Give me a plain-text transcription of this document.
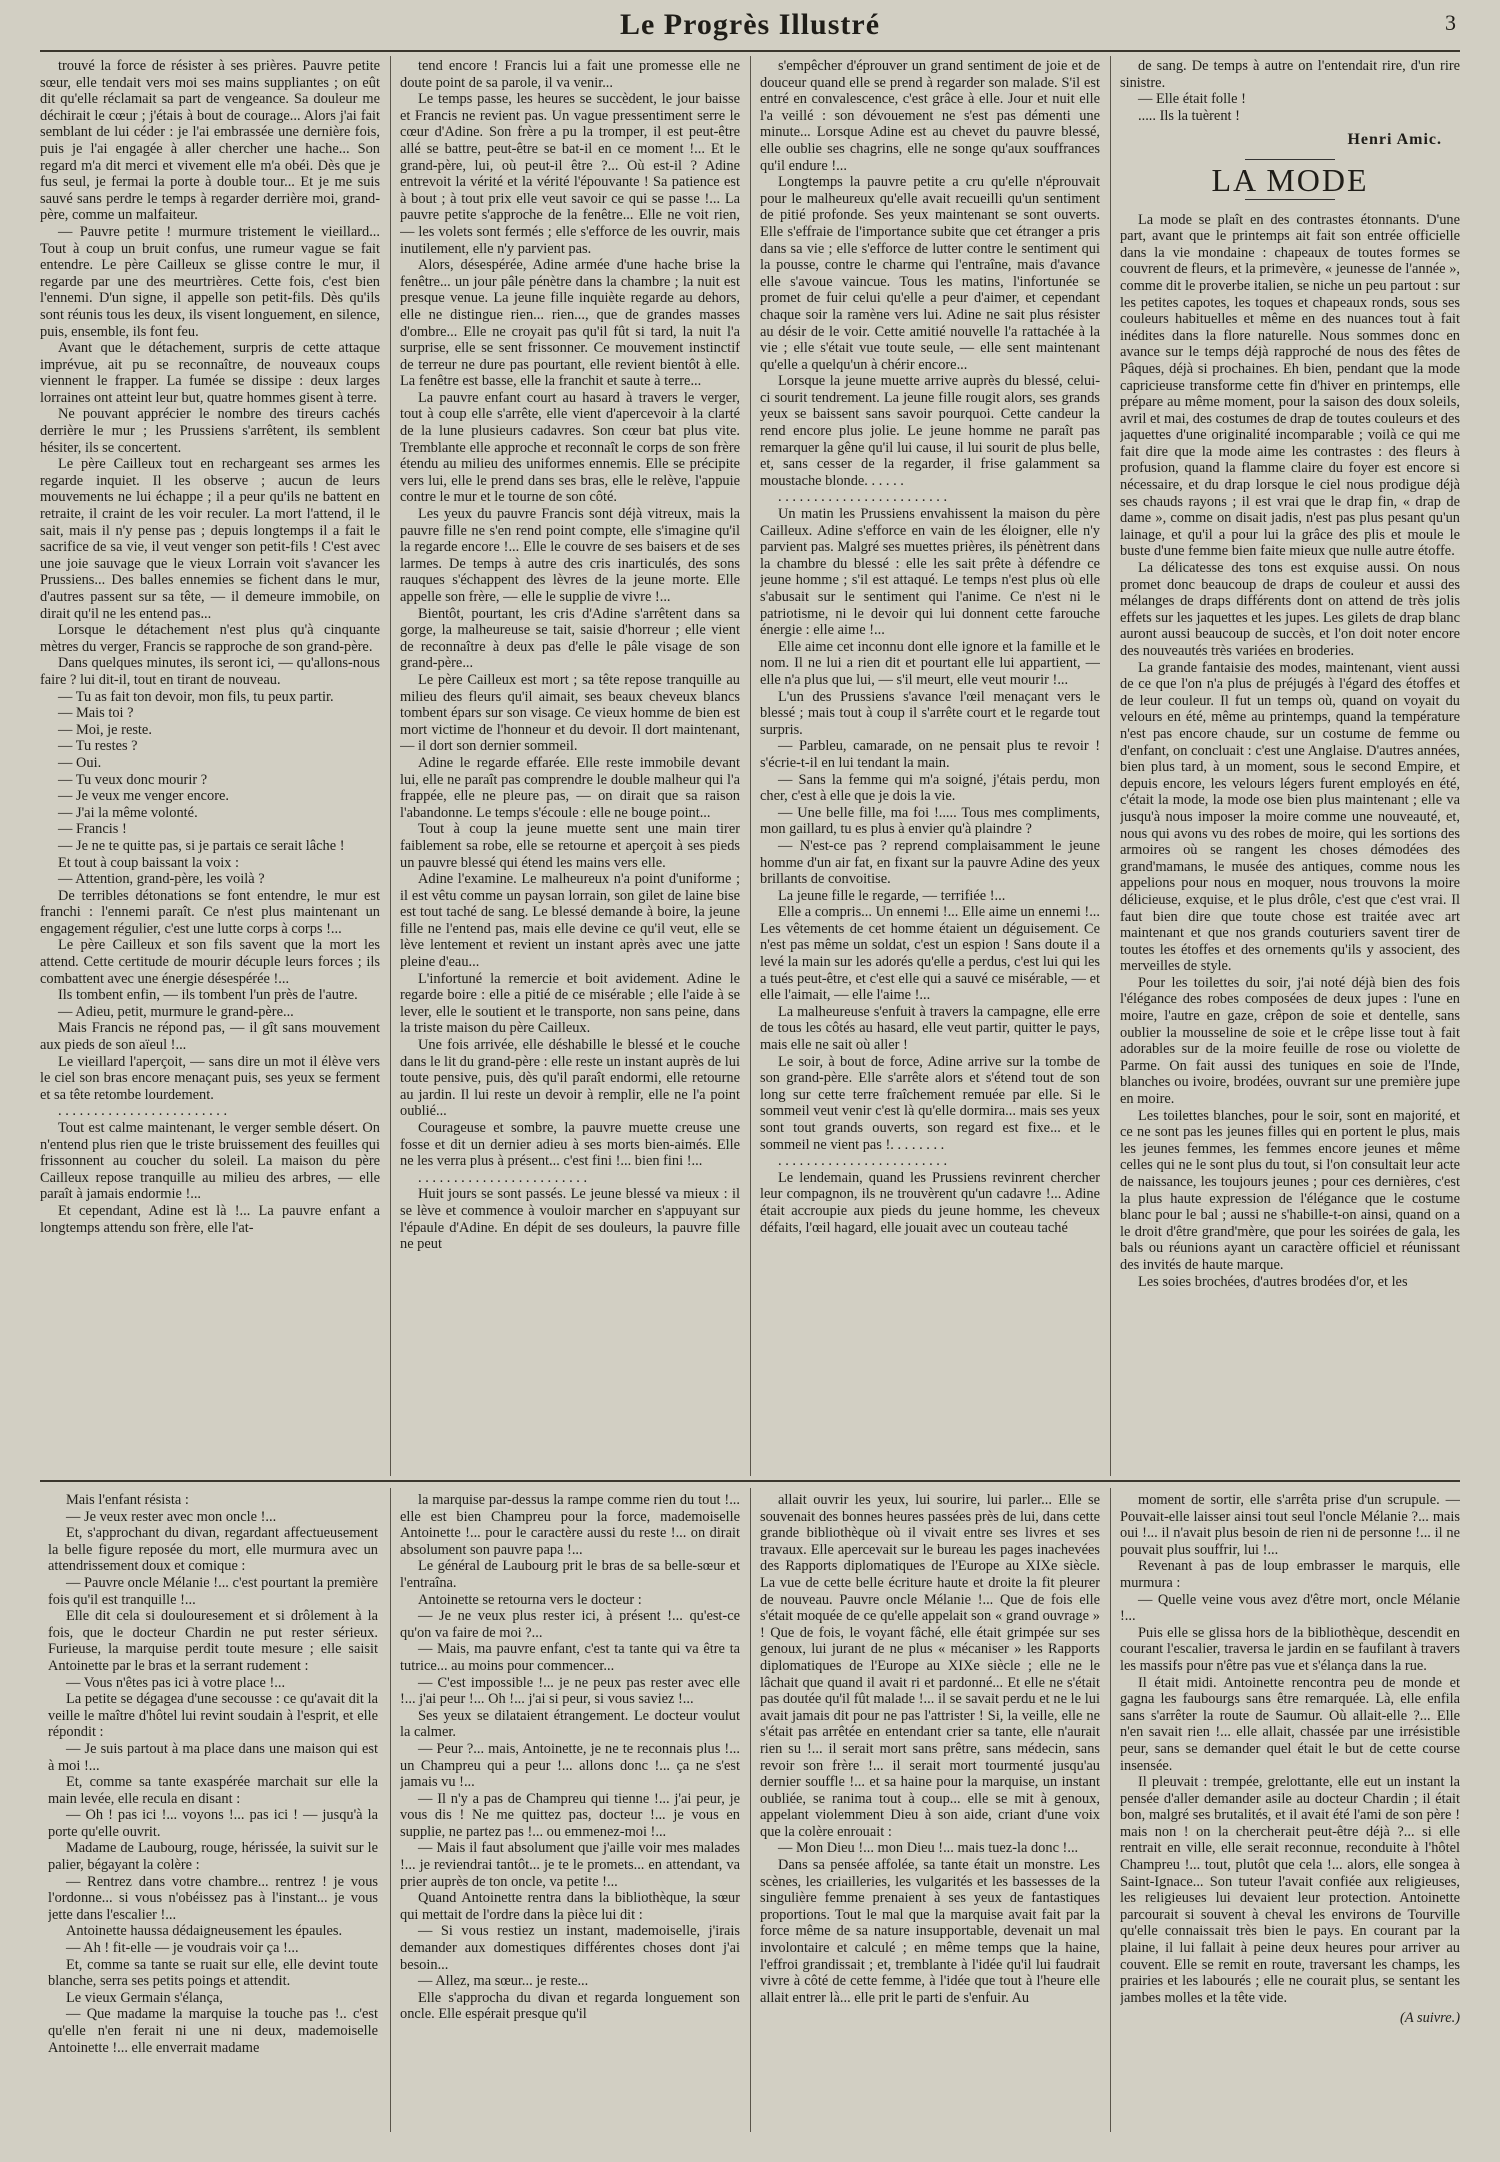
Le Progrès Illustré	3

trouvé la force de résister à ses prières. Pauvre petite sœur, elle tendait vers moi ses mains suppliantes ; on eût dit qu'elle réclamait sa part de vengeance. Sa douleur me déchirait le cœur ; j'étais à bout de courage... Alors j'ai fait semblant de lui céder : je l'ai embrassée une dernière fois, puis je l'ai engagée à aller chercher une hache... Son regard m'a dit merci et vivement elle m'a obéi. Dès que je fus seul, je fermai la porte à double tour... Et je me suis sauvé sans perdre le temps à regarder derrière moi, grand-père, comme un malfaiteur.

— Pauvre petite ! murmure tristement le vieillard... Tout à coup un bruit confus, une rumeur vague se fait entendre. Le père Cailleux se glisse contre le mur, il regarde par une des meurtrières. Cette fois, c'est bien l'ennemi. D'un signe, il appelle son petit-fils. Dès qu'ils sont réunis tous les deux, ils visent longuement, en silence, puis, ensemble, ils font feu.

Avant que le détachement, surpris de cette attaque imprévue, ait pu se reconnaître, de nouveaux coups viennent le frapper. La fumée se dissipe : deux larges lorraines ont atteint leur but, quatre hommes gisent à terre.

Ne pouvant apprécier le nombre des tireurs cachés derrière le mur ; les Prussiens s'arrêtent, ils semblent hésiter, ils se concertent.

Le père Cailleux tout en rechargeant ses armes les regarde inquiet. Il les observe ; aucun de leurs mouvements ne lui échappe ; il a peur qu'ils ne battent en retraite, il craint de les voir reculer. La mort l'attend, il le sait, mais il n'y pense pas ; depuis longtemps il a fait le sacrifice de sa vie, il veut venger son petit-fils ! C'est avec une joie sauvage que le vieux Lorrain voit s'avancer les Prussiens... Des balles ennemies se fichent dans le mur, d'autres passent sur sa tête, — il demeure immobile, on dirait qu'il ne les entend pas...

Lorsque le détachement n'est plus qu'à cinquante mètres du verger, Francis se rapproche de son grand-père.

Dans quelques minutes, ils seront ici, — qu'allons-nous faire ? lui dit-il, tout en tirant de nouveau.

— Tu as fait ton devoir, mon fils, tu peux partir.

— Mais toi ?

— Moi, je reste.

— Tu restes ?

— Oui.

— Tu veux donc mourir ?

— Je veux me venger encore.

— J'ai la même volonté.

— Francis !

— Je ne te quitte pas, si je partais ce serait lâche !

Et tout à coup baissant la voix :

— Attention, grand-père, les voilà ?

De terribles détonations se font entendre, le mur est franchi : l'ennemi paraît. Ce n'est plus maintenant un engagement régulier, c'est une lutte corps à corps !...

Le père Cailleux et son fils savent que la mort les attend. Cette certitude de mourir décuple leurs forces ; ils combattent avec une énergie désespérée !...

Ils tombent enfin, — ils tombent l'un près de l'autre.

— Adieu, petit, murmure le grand-père...

Mais Francis ne répond pas, — il gît sans mouvement aux pieds de son aïeul !...

Le vieillard l'aperçoit, — sans dire un mot il élève vers le ciel son bras encore menaçant puis, ses yeux se ferment et sa tête retombe lourdement.

. . . . . . . . . . . . . . . . . . . . . . . .

Tout est calme maintenant, le verger semble désert. On n'entend plus rien que le triste bruissement des feuilles qui frissonnent au coucher du soleil. La maison du père Cailleux repose tranquille au milieu des arbres, — elle paraît à jamais endormie !...

Et cependant, Adine est là !... La pauvre enfant a longtemps attendu son frère, elle l'at-

tend encore ! Francis lui a fait une promesse elle ne doute point de sa parole, il va venir...

Le temps passe, les heures se succèdent, le jour baisse et Francis ne revient pas. Un vague pressentiment serre le cœur d'Adine. Son frère a pu la tromper, il est peut-être allé se battre, peut-être se bat-il en ce moment !... Et le grand-père, lui, où peut-il être ?... Où est-il ? Adine entrevoit la vérité et la vérité l'épouvante ! Sa patience est à bout ; à tout prix elle veut savoir ce qui se passe !... La pauvre petite s'approche de la fenêtre... Elle ne voit rien, — les volets sont fermés ; elle s'efforce de les ouvrir, mais inutilement, elle n'y parvient pas.

Alors, désespérée, Adine armée d'une hache brise la fenêtre... un jour pâle pénètre dans la chambre ; la nuit est presque venue. La jeune fille inquiète regarde au dehors, elle ne distingue rien... rien..., que de grandes masses d'ombre... Elle ne croyait pas qu'il fût si tard, la nuit l'a surprise, elle se sent frissonner. Ce mouvement instinctif de terreur ne dure pas pourtant, elle revient bientôt à elle. La fenêtre est basse, elle la franchit et saute à terre...

La pauvre enfant court au hasard à travers le verger, tout à coup elle s'arrête, elle vient d'apercevoir à la clarté de la lune plusieurs cadavres. Son cœur bat plus vite. Tremblante elle approche et reconnaît le corps de son frère étendu au milieu des uniformes ennemis. Elle se précipite vers lui, elle le prend dans ses bras, elle le relève, l'appuie contre le mur et le tourne de son côté.

Les yeux du pauvre Francis sont déjà vitreux, mais la pauvre fille ne s'en rend point compte, elle s'imagine qu'il la regarde encore !... Elle le couvre de ses baisers et de ses larmes. De temps à autre des cris inarticulés, des sons rauques s'échappent des lèvres de la jeune morte. Elle appelle son frère, — elle le supplie de vivre !...

Bientôt, pourtant, les cris d'Adine s'arrêtent dans sa gorge, la malheureuse se tait, saisie d'horreur ; elle vient de reconnaître à deux pas d'elle le pâle visage de son grand-père...

Le père Cailleux est mort ; sa tête repose tranquille au milieu des fleurs qu'il aimait, ses beaux cheveux blancs tombent épars sur son visage. Ce vieux homme de bien est mort victime de l'honneur et du devoir. Il dort maintenant, — il dort son dernier sommeil.

Adine le regarde effarée. Elle reste immobile devant lui, elle ne paraît pas comprendre le double malheur qui l'a frappée, elle ne pleure pas, — on dirait que sa raison l'abandonne. Le temps s'écoule : elle ne bouge point...

Tout à coup la jeune muette sent une main tirer faiblement sa robe, elle se retourne et aperçoit à ses pieds un pauvre blessé qui étend les mains vers elle.

Adine l'examine. Le malheureux n'a point d'uniforme ; il est vêtu comme un paysan lorrain, son gilet de laine bise est tout taché de sang. Le blessé demande à boire, la jeune fille ne l'entend pas, mais elle devine ce qu'il veut, elle se lève lentement et revient un instant après avec une jatte pleine d'eau...

L'infortuné la remercie et boit avidement. Adine le regarde boire : elle a pitié de ce misérable ; elle l'aide à se lever, elle le soutient et le transporte, non sans peine, dans la triste maison du père Cailleux.

Une fois arrivée, elle déshabille le blessé et le couche dans le lit du grand-père : elle reste un instant auprès de lui toute pensive, puis, dès qu'il paraît endormi, elle retourne au jardin. Il lui reste un devoir à remplir, elle ne l'a point oublié...

Courageuse et sombre, la pauvre muette creuse une fosse et dit un dernier adieu à ses morts bien-aimés. Elle ne les verra plus à présent... c'est fini !... bien fini !...

. . . . . . . . . . . . . . . . . . . . . . . .

Huit jours se sont passés. Le jeune blessé va mieux : il se lève et commence à vouloir marcher en s'appuyant sur l'épaule d'Adine. En dépit de ses douleurs, la pauvre fille ne peut

s'empêcher d'éprouver un grand sentiment de joie et de douceur quand elle se prend à regarder son malade. S'il est entré en convalescence, c'est grâce à elle. Jour et nuit elle l'a veillé : son dévouement ne s'est pas démenti une minute... Lorsque Adine est au chevet du pauvre blessé, elle oublie ses chagrins, elle ne songe qu'aux souffrances qu'il endure !...

Longtemps la pauvre petite a cru qu'elle n'éprouvait pour le malheureux qu'elle avait recueilli qu'un sentiment de pitié profonde. Ses yeux maintenant se sont ouverts. Elle s'effraie de l'importance subite que cet étranger a pris dans sa vie ; elle s'efforce de lutter contre le sentiment qui la pousse, contre le charme qui l'entraîne, mais d'avance elle s'avoue vaincue. Tous les matins, l'infortunée se promet de fuir celui qu'elle a peur d'aimer, et cependant chaque soir la ramène vers lui. Adine ne sait plus résister au désir de le voir. Cette amitié nouvelle l'a rattachée à la vie ; elle s'était vue toute seule, — elle sent maintenant qu'elle a quelqu'un à chérir encore...

Lorsque la jeune muette arrive auprès du blessé, celui-ci sourit tendrement. La jeune fille rougit alors, ses grands yeux se baissent sans savoir pourquoi. Cette candeur la rend encore plus jolie. Le jeune homme ne paraît pas remarquer la gêne qu'il lui cause, il lui sourit de plus belle, et, sans cesser de la regarder, il frise galamment sa moustache blonde. . . . . .

. . . . . . . . . . . . . . . . . . . . . . . .

Un matin les Prussiens envahissent la maison du père Cailleux. Adine s'efforce en vain de les éloigner, elle n'y parvient pas. Malgré ses muettes prières, ils pénètrent dans la chambre du blessé : elle les sait prête à défendre ce jeune homme ; s'il est attaqué. Le temps n'est plus où elle s'abusait sur le sentiment qui l'anime. Ce n'est ni le patriotisme, ni le devoir qui lui donnent cette farouche énergie : elle aime !...

Elle aime cet inconnu dont elle ignore et la famille et le nom. Il ne lui a rien dit et pourtant elle lui appartient, — elle n'a plus que lui, — s'il meurt, elle veut mourir !...

L'un des Prussiens s'avance l'œil menaçant vers le blessé ; mais tout à coup il s'arrête court et le regarde tout surpris.

— Parbleu, camarade, on ne pensait plus te revoir ! s'écrie-t-il en lui tendant la main.

— Sans la femme qui m'a soigné, j'étais perdu, mon cher, c'est à elle que je dois la vie.

— Une belle fille, ma foi !..... Tous mes compliments, mon gaillard, tu es plus à envier qu'à plaindre ?

— N'est-ce pas ? reprend complaisamment le jeune homme d'un air fat, en fixant sur la pauvre Adine des yeux brillants de convoitise.

La jeune fille le regarde, — terrifiée !...

Elle a compris... Un ennemi !... Elle aime un ennemi !... Les vêtements de cet homme étaient un déguisement. Ce n'est pas même un soldat, c'est un espion ! Sans doute il a levé la main sur les adorés qu'elle a perdus, c'est lui qui les a tués peut-être, et c'est elle qui a sauvé ce misérable, — et elle l'aimait, — elle l'aime !...

La malheureuse s'enfuit à travers la campagne, elle erre de tous les côtés au hasard, elle veut partir, quitter le pays, mais elle ne sait où aller !

Le soir, à bout de force, Adine arrive sur la tombe de son grand-père. Elle s'arrête alors et s'étend tout de son long sur cette terre fraîchement remuée par elle. Si le sommeil veut venir c'est là qu'elle dormira... mais ses yeux sont tout grands ouverts, son regard est fixe... et le sommeil ne vient pas !. . . . . . . .

. . . . . . . . . . . . . . . . . . . . . . . .

Le lendemain, quand les Prussiens revinrent chercher leur compagnon, ils ne trouvèrent qu'un cadavre !... Adine était accroupie aux pieds du jeune homme, les cheveux défaits, l'œil hagard, elle jouait avec un couteau taché

de sang. De temps à autre on l'entendait rire, d'un rire sinistre.

— Elle était folle !

..... Ils la tuèrent !

Henri Amic.
LA MODE

La mode se plaît en des contrastes étonnants. D'une part, avant que le printemps ait fait son entrée officielle dans la vie mondaine : chapeaux de toutes formes se couvrent de fleurs, et la primevère, « jeunesse de l'année », comme dit le proverbe italien, se niche un peu partout : sur les petites capotes, les toques et chapeaux ronds, sous ses couleurs habituelles et même en des nuances tout à fait inédites dans la flore naturelle. Nous sommes donc en avance sur le temps déjà rapproché de nous des fêtes de Pâques, déjà si prochaines. Eh bien, pendant que la mode capricieuse transforme cette fin d'hiver en printemps, elle prépare au même moment, pour la saison des doux soleils, avril et mai, des costumes de drap de toutes couleurs et des jaquettes d'une originalité incomparable ; voilà ce qui me fait dire que la mode aime les contrastes : des fleurs à profusion, quand la flamme claire du foyer est encore si nécessaire, et du drap lorsque le ciel nous prodigue déjà ses chauds rayons ; il est vrai que le drap fin, « drap de dame », comme on disait jadis, n'est pas plus pesant qu'un lainage, et qu'il a pour lui la grâce des plis et moule le buste d'une femme bien faite mieux que nulle autre étoffe.

La délicatesse des tons est exquise aussi. On nous promet donc beaucoup de draps de couleur et aussi des mélanges de draps différents dont on attend de très jolis effets sur les jaquettes et les jupes. Les gilets de drap blanc auront aussi beaucoup de succès, et l'on doit noter encore des nouveautés très variées en broderies.

La grande fantaisie des modes, maintenant, vient aussi de ce que l'on n'a plus de préjugés à l'égard des étoffes et de leur couleur. Il fut un temps où, quand on voyait du velours en été, même au printemps, quand la température n'est pas encore chaude, sur un costume de femme ou d'enfant, on concluait : c'est une Anglaise. D'autres années, bien plus tard, à un moment, sous le second Empire, et depuis encore, les velours légers furent employés en été, c'était la mode, la mode ose bien plus maintenant ; elle va jusqu'à nous imposer la moire comme une nouveauté, et, nous qui avons vu des robes de moire, qui les sortions des armoires où se rangent les choses démodées des grand'mamans, le musée des antiques, comme nous les appelions pour nous en moquer, nous trouvons la moire délicieuse, exquise, et le plus drôle, c'est que c'est vrai. Il faut bien dire que toute chose est traitée avec art maintenant et que nos grands couturiers savent tirer de toutes les étoffes et des ornements qu'ils y associent, des merveilles de style.

Pour les toilettes du soir, j'ai noté déjà bien des fois l'élégance des robes composées de deux jupes : l'une en moire, l'autre en gaze, crêpon de soie et dentelle, sans oublier la mousseline de soie et le crêpe lisse tout à fait adorables sur de la moire feuille de rose ou violette de Parme. On fait aussi des tuniques en soie de l'Inde, blanches ou ivoire, brodées, ouvrant sur une première jupe en moire.

Les toilettes blanches, pour le soir, sont en majorité, et ce ne sont pas les jeunes filles qui en portent le plus, mais les jeunes femmes, les femmes encore jeunes et même celles qui ne le sont plus du tout, si l'on consultait leur acte de naissance, les toujours jeunes ; pour ces dernières, c'est la plus haute expression de l'élégance que le costume blanc pour le bal ; aussi ne s'habille-t-on ainsi, quand on a le droit d'être grand'mère, que pour les soirées de gala, les bals ou réunions ayant un caractère officiel et réunissant des invités de haute marque.

Les soies brochées, d'autres brodées d'or, et les

Mais l'enfant résista :

— Je veux rester avec mon oncle !...

Et, s'approchant du divan, regardant affectueusement la belle figure reposée du mort, elle murmura avec un attendrissement doux et comique :

— Pauvre oncle Mélanie !... c'est pourtant la première fois qu'il est tranquille !...

Elle dit cela si doulouresement et si drôlement à la fois, que le docteur Chardin ne put rester sérieux. Furieuse, la marquise perdit toute mesure ; elle saisit Antoinette par le bras et la serrant rudement :

— Vous n'êtes pas ici à votre place !...

La petite se dégagea d'une secousse : ce qu'avait dit la veille le maître d'hôtel lui revint soudain à l'esprit, et elle répondit :

— Je suis partout à ma place dans une maison qui est à moi !...

Et, comme sa tante exaspérée marchait sur elle la main levée, elle recula en disant :

— Oh ! pas ici !... voyons !... pas ici ! — jusqu'à la porte qu'elle ouvrit.

Madame de Laubourg, rouge, hérissée, la suivit sur le palier, bégayant la colère :

— Rentrez dans votre chambre... rentrez ! je vous l'ordonne... si vous n'obéissez pas à l'instant... je vous jette dans l'escalier !...

Antoinette haussa dédaigneusement les épaules.

— Ah ! fit-elle — je voudrais voir ça !...

Et, comme sa tante se ruait sur elle, elle devint toute blanche, serra ses petits poings et attendit.

Le vieux Germain s'élança,

— Que madame la marquise la touche pas !.. c'est qu'elle n'en ferait ni une ni deux, mademoiselle Antoinette !... elle enverrait madame

la marquise par-dessus la rampe comme rien du tout !... elle est bien Champreu pour la force, mademoiselle Antoinette !... pour le caractère aussi du reste !... on dirait absolument son pauvre papa !...

Le général de Laubourg prit le bras de sa belle-sœur et l'entraîna.

Antoinette se retourna vers le docteur :

— Je ne veux plus rester ici, à présent !... qu'est-ce qu'on va faire de moi ?...

— Mais, ma pauvre enfant, c'est ta tante qui va être ta tutrice... au moins pour commencer...

— C'est impossible !... je ne peux pas rester avec elle !... j'ai peur !... Oh !... j'ai si peur, si vous saviez !...

Ses yeux se dilataient étrangement. Le docteur voulut la calmer.

— Peur ?... mais, Antoinette, je ne te reconnais plus !... un Champreu qui a peur !... allons donc !... ça ne s'est jamais vu !...

— Il n'y a pas de Champreu qui tienne !... j'ai peur, je vous dis ! Ne me quittez pas, docteur !... je vous en supplie, ne partez pas !... ou emmenez-moi !...

— Mais il faut absolument que j'aille voir mes malades !... je reviendrai tantôt... je te le promets... en attendant, va prier auprès de ton oncle, va petite !...

Quand Antoinette rentra dans la bibliothèque, la sœur qui mettait de l'ordre dans la pièce lui dit :

— Si vous restiez un instant, mademoiselle, j'irais demander aux domestiques différentes choses dont j'ai besoin...

— Allez, ma sœur... je reste...

Elle s'approcha du divan et regarda longuement son oncle. Elle espérait presque qu'il

allait ouvrir les yeux, lui sourire, lui parler... Elle se souvenait des bonnes heures passées près de lui, dans cette grande bibliothèque où il vivait entre ses livres et ses travaux. Elle apercevait sur le bureau les pages inachevées des Rapports diplomatiques de l'Europe au XIXe siècle. La vue de cette belle écriture haute et droite la fit pleurer de nouveau. Pauvre oncle Mélanie !... Que de fois elle s'était moquée de ce qu'elle appelait son « grand ouvrage » ! Que de fois, le voyant fâché, elle était grimpée sur ses genoux, lui jurant de ne plus « mécaniser » les Rapports diplomatiques de l'Europe au XIXe siècle ; elle ne le lâchait que quand il avait ri et pardonné... Et elle ne s'était pas doutée qu'il fût malade !... il se savait perdu et ne le lui avait jamais dit pour ne pas l'attrister ! Si, la veille, elle ne s'était pas arrêtée en entendant crier sa tante, elle n'aurait rien su !... il serait mort sans prêtre, sans médecin, sans revoir son frère !... il serait mort tourmenté jusqu'au dernier souffle !... et sa haine pour la marquise, un instant oubliée, se ranima tout à coup... elle se mit à genoux, appelant violemment Dieu à son aide, criant d'une voix que la colère enrouait :

— Mon Dieu !... mon Dieu !... mais tuez-la donc !...

Dans sa pensée affolée, sa tante était un monstre. Les scènes, les criailleries, les vulgarités et les bassesses de la singulière femme prenaient à ses yeux de fantastiques proportions. Tout le mal que la marquise avait fait par la force même de sa nature insupportable, devenait un mal involontaire et calculé ; en même temps que la haine, l'effroi grandissait ; et, tremblante à l'idée qu'il lui faudrait vivre à côté de cette femme, à l'idée que tout à l'heure elle allait entrer là... elle prit le parti de s'enfuir. Au

moment de sortir, elle s'arrêta prise d'un scrupule. — Pouvait-elle laisser ainsi tout seul l'oncle Mélanie ?... mais oui !... il n'avait plus besoin de rien ni de personne !... il ne pouvait plus souffrir, lui !...

Revenant à pas de loup embrasser le marquis, elle murmura :

— Quelle veine vous avez d'être mort, oncle Mélanie !...

Puis elle se glissa hors de la bibliothèque, descendit en courant l'escalier, traversa le jardin en se faufilant à travers les massifs pour n'être pas vue et s'élança dans la rue.

Il était midi. Antoinette rencontra peu de monde et gagna les faubourgs sans être remarquée. Là, elle enfila sans s'arrêter la route de Saumur. Où allait-elle ?... Elle n'en savait rien !... elle allait, chassée par une irrésistible peur, sans se demander quel était le but de cette course insensée.

Il pleuvait : trempée, grelottante, elle eut un instant la pensée d'aller demander asile au docteur Chardin ; il était bon, malgré ses brutalités, et il avait été l'ami de son père ! mais non ! on la chercherait peut-être déjà ?... si elle rentrait en ville, elle serait reconnue, reconduite à l'hôtel Champreu !... tout, plutôt que cela !... alors, elle songea à Saint-Ignace... Son tuteur l'avait confiée aux religieuses, les religieuses lui devaient leur protection. Antoinette parcourait si souvent à cheval les environs de Tourville qu'elle connaissait très bien le pays. En courant par la plaine, il lui fallait à peine deux heures pour arriver au couvent. Elle se remit en route, traversant les champs, les prairies et les labourés ; elle ne courait plus, se sentant les jambes molles et la tête vide.

(A suivre.)
